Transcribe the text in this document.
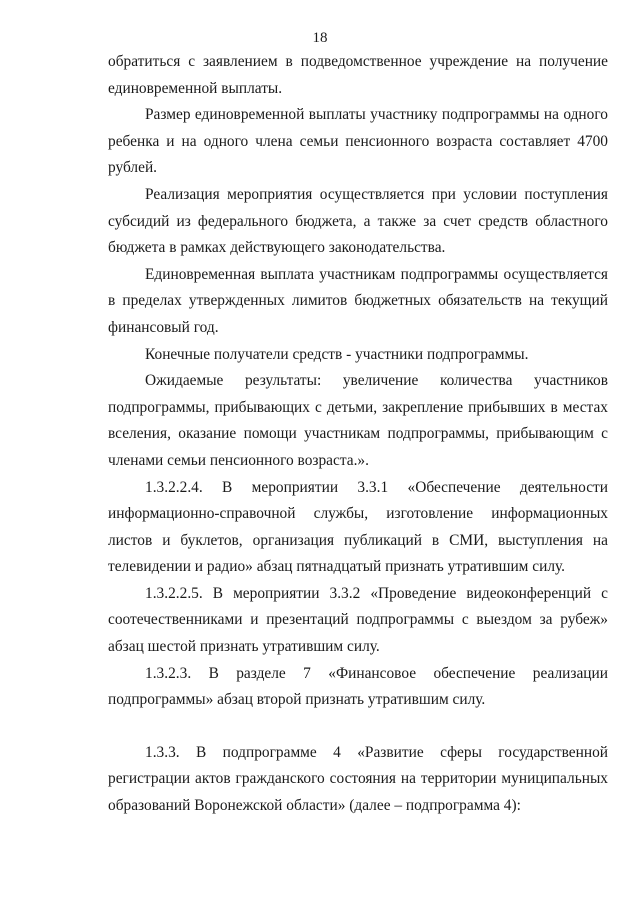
18

обратиться с заявлением в подведомственное учреждение на получение единовременной выплаты.

Размер единовременной выплаты участнику подпрограммы на одного ребенка и на одного члена семьи пенсионного возраста составляет 4700 рублей.

Реализация мероприятия осуществляется при условии поступления субсидий из федерального бюджета, а также за счет средств областного бюджета в рамках действующего законодательства.

Единовременная выплата участникам подпрограммы осуществляется в пределах утвержденных лимитов бюджетных обязательств на текущий финансовый год.

Конечные получатели средств - участники подпрограммы.

Ожидаемые результаты: увеличение количества участников подпрограммы, прибывающих с детьми, закрепление прибывших в местах вселения, оказание помощи участникам подпрограммы, прибывающим с членами семьи пенсионного возраста.».

1.3.2.2.4. В мероприятии 3.3.1 «Обеспечение деятельности информационно-справочной службы, изготовление информационных листов и буклетов, организация публикаций в СМИ, выступления на телевидении и радио» абзац пятнадцатый признать утратившим силу.

1.3.2.2.5. В мероприятии 3.3.2 «Проведение видеоконференций с соотечественниками и презентаций подпрограммы с выездом за рубеж» абзац шестой признать утратившим силу.

1.3.2.3. В разделе 7 «Финансовое обеспечение реализации подпрограммы» абзац второй признать утратившим силу.

1.3.3. В подпрограмме 4 «Развитие сферы государственной регистрации актов гражданского состояния на территории муниципальных образований Воронежской области» (далее – подпрограмма 4):
